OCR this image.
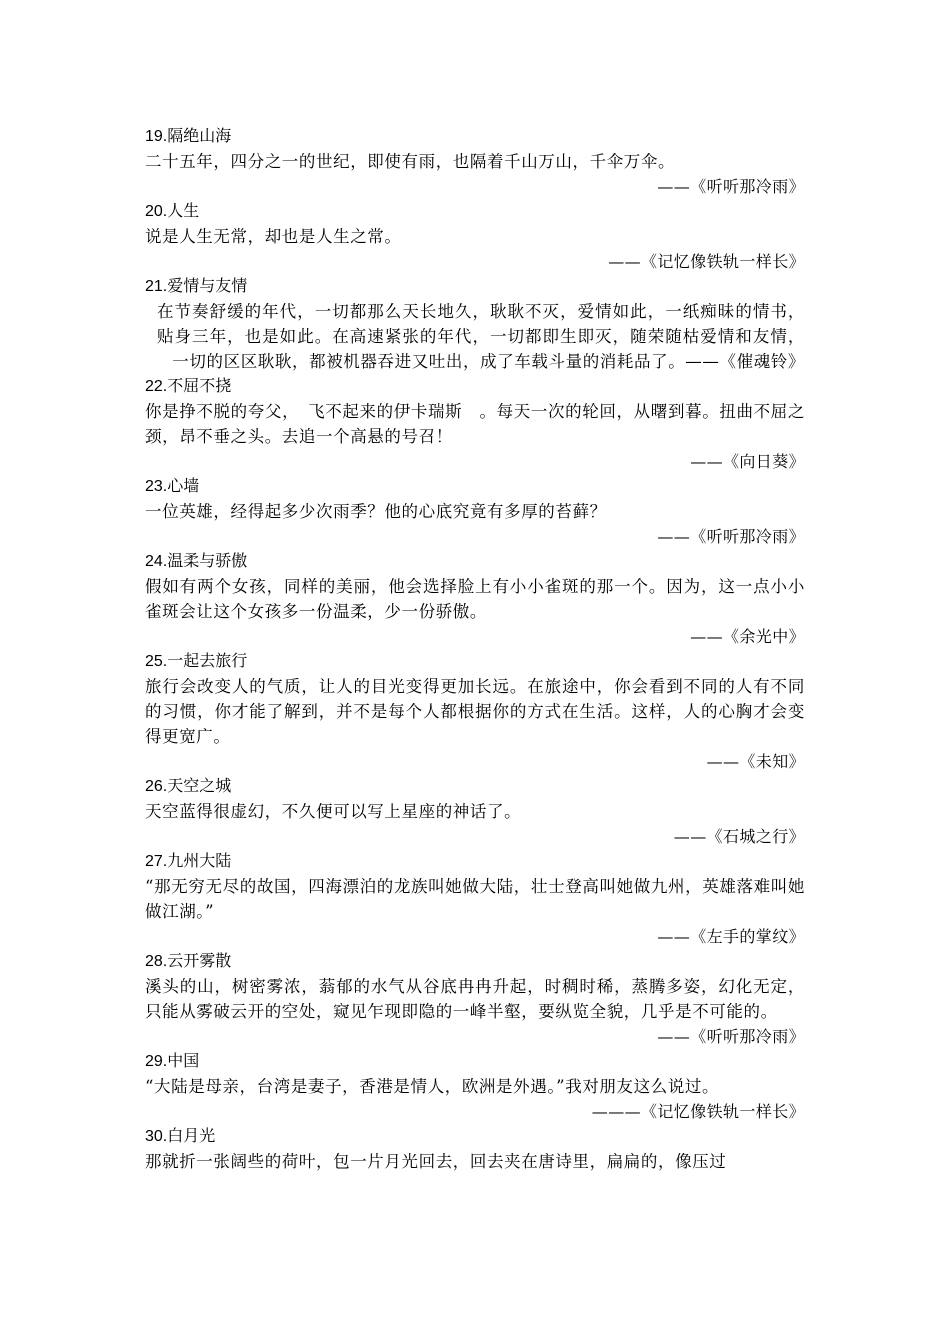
19.隔绝山海
二十五年，四分之一的世纪，即使有雨，也隔着千山万山，千伞万伞。
——《听听那冷雨》
20.人生
说是人生无常，却也是人生之常。
——《记忆像铁轨一样长》
21.爱情与友情
在节奏舒缓的年代，一切都那么天长地久，耿耿不灭，爱情如此，一纸痴昧的情书，贴身三年，也是如此。在高速紧张的年代，一切都即生即灭，随荣随枯爱情和友情，一切的区区耿耿，都被机器吞进又吐出，成了车载斗量的消耗品了。——《催魂铃》
22.不屈不挠
你是挣不脱的夸父，　飞不起来的伊卡瑞斯　。每天一次的轮回，从曙到暮。扭曲不屈之颈，昂不垂之头。去追一个高悬的号召！
——《向日葵》
23.心墙
一位英雄，经得起多少次雨季？他的心底究竟有多厚的苔藓？
——《听听那冷雨》
24.温柔与骄傲
假如有两个女孩，同样的美丽，他会选择脸上有小小雀斑的那一个。因为，这一点小小雀斑会让这个女孩多一份温柔，少一份骄傲。
——《余光中》
25.一起去旅行
旅行会改变人的气质，让人的目光变得更加长远。在旅途中，你会看到不同的人有不同的习惯，你才能了解到，并不是每个人都根据你的方式在生活。这样，人的心胸才会变得更宽广。
——《未知》
26.天空之城
天空蓝得很虚幻，不久便可以写上星座的神话了。
——《石城之行》
27.九州大陆
“那无穷无尽的故国，四海漂泊的龙族叫她做大陆，壮士登高叫她做九州，英雄落难叫她做江湖。”
——《左手的掌纹》
28.云开雾散
溪头的山，树密雾浓，蓊郁的水气从谷底冉冉升起，时稠时稀，蒸腾多姿，幻化无定，只能从雾破云开的空处，窥见乍现即隐的一峰半壑，要纵览全貌，几乎是不可能的。
——《听听那冷雨》
29.中国
“大陆是母亲，台湾是妻子，香港是情人，欧洲是外遇。”我对朋友这么说过。
———《记忆像铁轨一样长》
30.白月光
那就折一张阔些的荷叶，包一片月光回去，回去夹在唐诗里，扁扁的，像压过
